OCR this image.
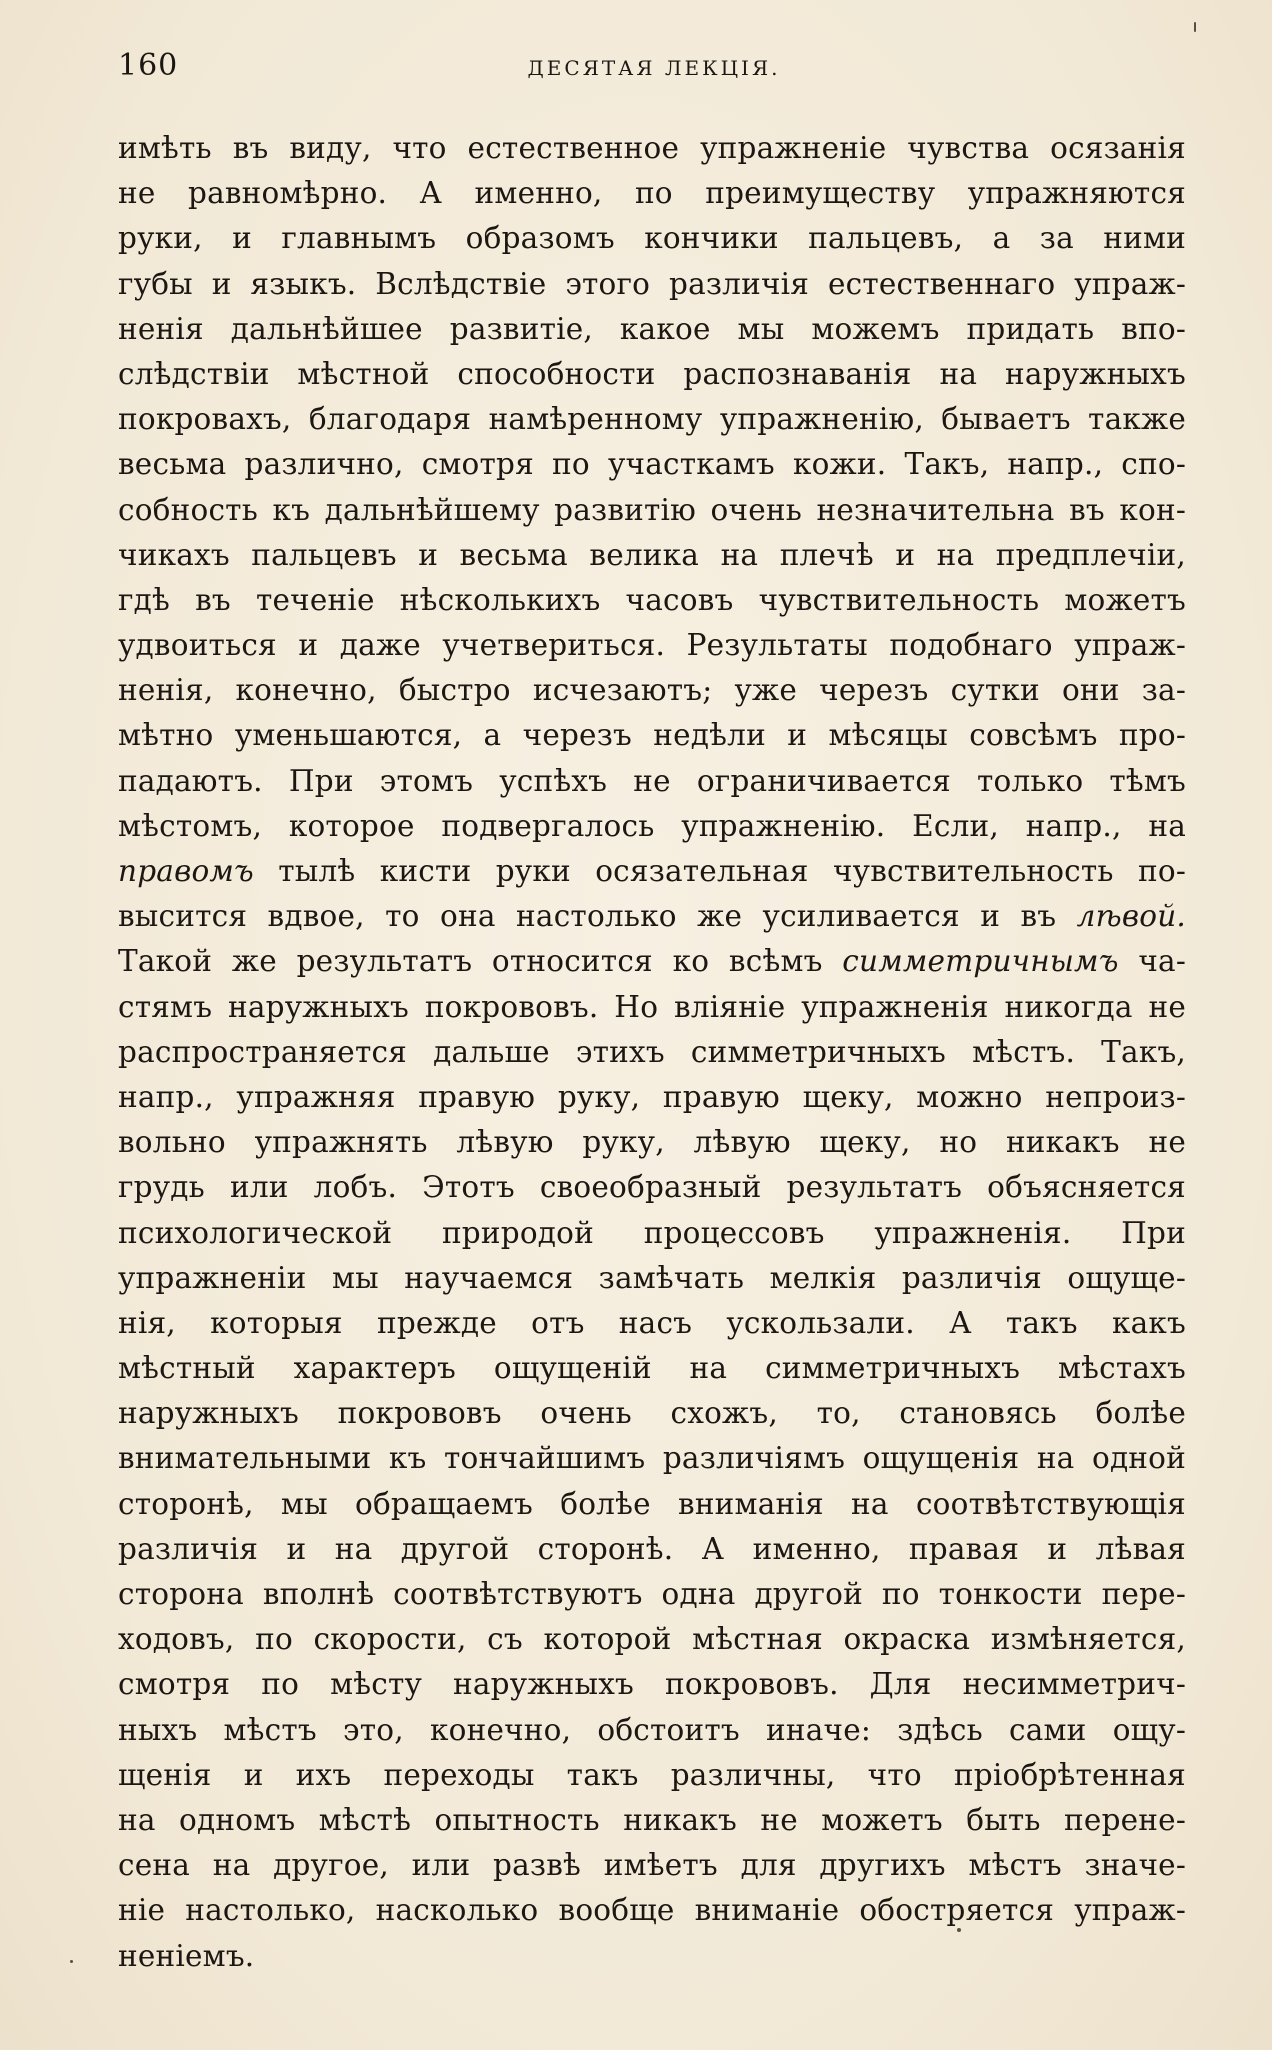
160	ДЕСЯТАЯ ЛЕКЦІЯ.
имѣть въ виду, что естественное упражненіе чувства осязанія
не равномѣрно. А именно, по преимуществу упражняются
руки, и главнымъ образомъ кончики пальцевъ, а за ними
губы и языкъ. Вслѣдствіе этого различія естественнаго упраж-
ненія дальнѣйшее развитіе, какое мы можемъ придать впо-
слѣдствіи мѣстной способности распознаванія на наружныхъ
покровахъ, благодаря намѣренному упражненію, бываетъ также
весьма различно, смотря по участкамъ кожи. Такъ, напр., спо-
собность къ дальнѣйшему развитію очень незначительна въ кон-
чикахъ пальцевъ и весьма велика на плечѣ и на предплечіи,
гдѣ въ теченіе нѣсколькихъ часовъ чувствительность можетъ
удвоиться и даже учетвериться. Результаты подобнаго упраж-
ненія, конечно, быстро исчезаютъ; уже черезъ сутки они за-
мѣтно уменьшаются, а черезъ недѣли и мѣсяцы совсѣмъ про-
падаютъ. При этомъ успѣхъ не ограничивается только тѣмъ
мѣстомъ, которое подвергалось упражненію. Если, напр., на
правомъ тылѣ кисти руки осязательная чувствительность по-
высится вдвое, то она настолько же усиливается и въ лѣвой.
Такой же результатъ относится ко всѣмъ симметричнымъ ча-
стямъ наружныхъ покрововъ. Но вліяніе упражненія никогда не
распространяется дальше этихъ симметричныхъ мѣстъ. Такъ,
напр., упражняя правую руку, правую щеку, можно непроиз-
вольно упражнять лѣвую руку, лѣвую щеку, но никакъ не
грудь или лобъ. Этотъ своеобразный результатъ объясняется
психологической природой процессовъ упражненія. При
упражненіи мы научаемся замѣчать мелкія различія ощуще-
нія, которыя прежде отъ насъ ускользали. А такъ какъ
мѣстный характеръ ощущеній на симметричныхъ мѣстахъ
наружныхъ покрововъ очень схожъ, то, становясь болѣе
внимательными къ тончайшимъ различіямъ ощущенія на одной
сторонѣ, мы обращаемъ болѣе вниманія на соотвѣтствующія
различія и на другой сторонѣ. А именно, правая и лѣвая
сторона вполнѣ соотвѣтствуютъ одна другой по тонкости пере-
ходовъ, по скорости, съ которой мѣстная окраска измѣняется,
смотря по мѣсту наружныхъ покрововъ. Для несимметрич-
ныхъ мѣстъ это, конечно, обстоитъ иначе: здѣсь сами ощу-
щенія и ихъ переходы такъ различны, что пріобрѣтенная
на одномъ мѣстѣ опытность никакъ не можетъ быть перене-
сена на другое, или развѣ имѣетъ для другихъ мѣстъ значе-
ніе настолько, насколько вообще вниманіе обостряется упраж-
неніемъ.
